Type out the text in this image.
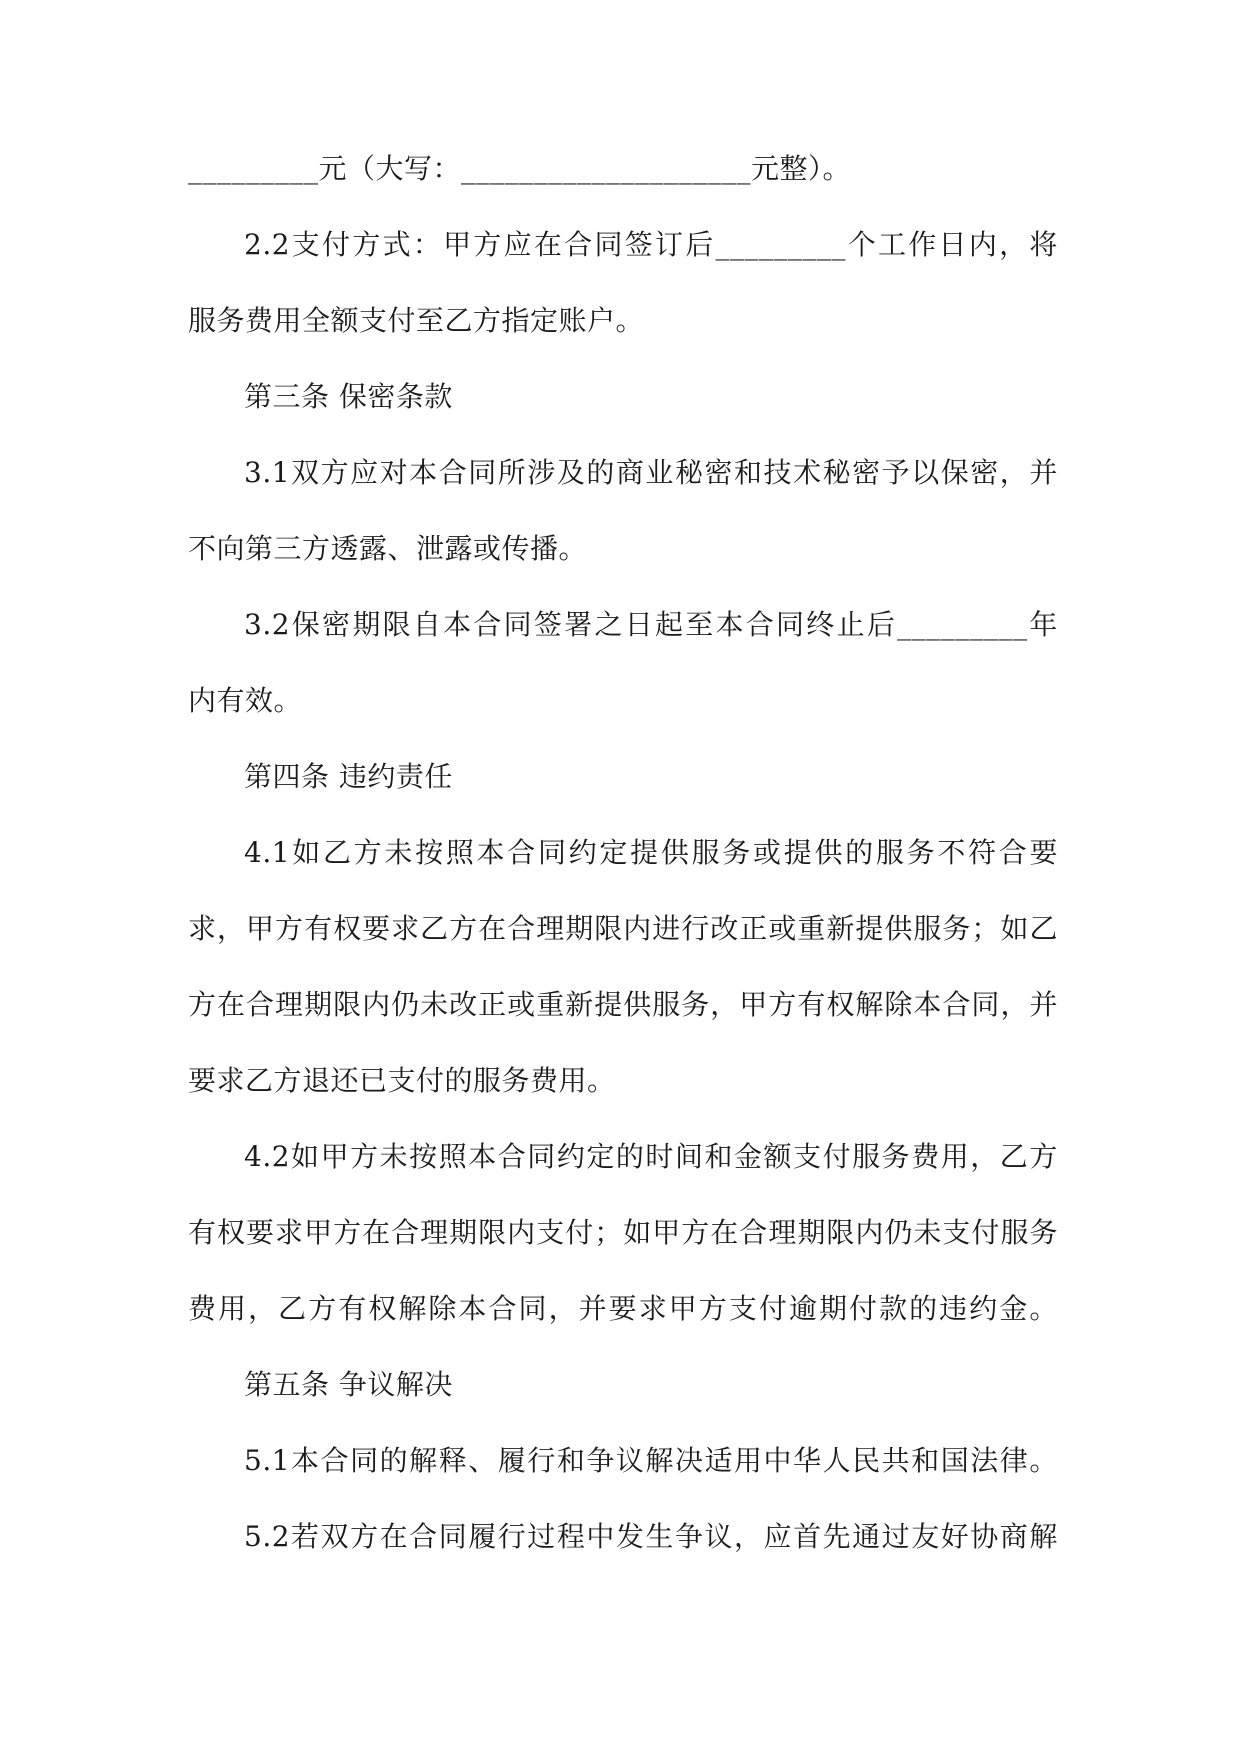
_________元（大写：____________________元整）。
2.2 支 付 方 式 ： 甲 方 应 在 合 同 签 订 后 _________ 个 工 作 日 内 ， 将
服务费用全额支付至乙方指定账户。
第三条 保密条款
3.1 双 方 应 对 本 合 同 所 涉 及 的 商 业 秘 密 和 技 术 秘 密 予 以 保 密 ， 并
不向第三方透露、泄露或传播。
3.2 保 密 期 限 自 本 合 同 签 署 之 日 起 至 本 合 同 终 止 后 _________ 年
内有效。
第四条 违约责任
4.1 如 乙 方 未 按 照 本 合 同 约 定 提 供 服 务 或 提 供 的 服 务 不 符 合 要
求 ， 甲 方 有 权 要 求 乙 方 在 合 理 期 限 内 进 行 改 正 或 重 新 提 供 服 务 ； 如 乙
方 在 合 理 期 限 内 仍 未 改 正 或 重 新 提 供 服 务 ， 甲 方 有 权 解 除 本 合 同 ， 并
要求乙方退还已支付的服务费用。
4.2 如 甲 方 未 按 照 本 合 同 约 定 的 时 间 和 金 额 支 付 服 务 费 用 ， 乙 方
有 权 要 求 甲 方 在 合 理 期 限 内 支 付 ； 如 甲 方 在 合 理 期 限 内 仍 未 支 付 服 务
费 用 ， 乙 方 有 权 解 除 本 合 同 ， 并 要 求 甲 方 支 付 逾 期 付 款 的 违 约 金 。
第五条 争议解决
5.1 本 合 同 的 解 释 、 履 行 和 争 议 解 决 适 用 中 华 人 民 共 和 国 法 律 。
5.2 若 双 方 在 合 同 履 行 过 程 中 发 生 争 议 ， 应 首 先 通 过 友 好 协 商 解
